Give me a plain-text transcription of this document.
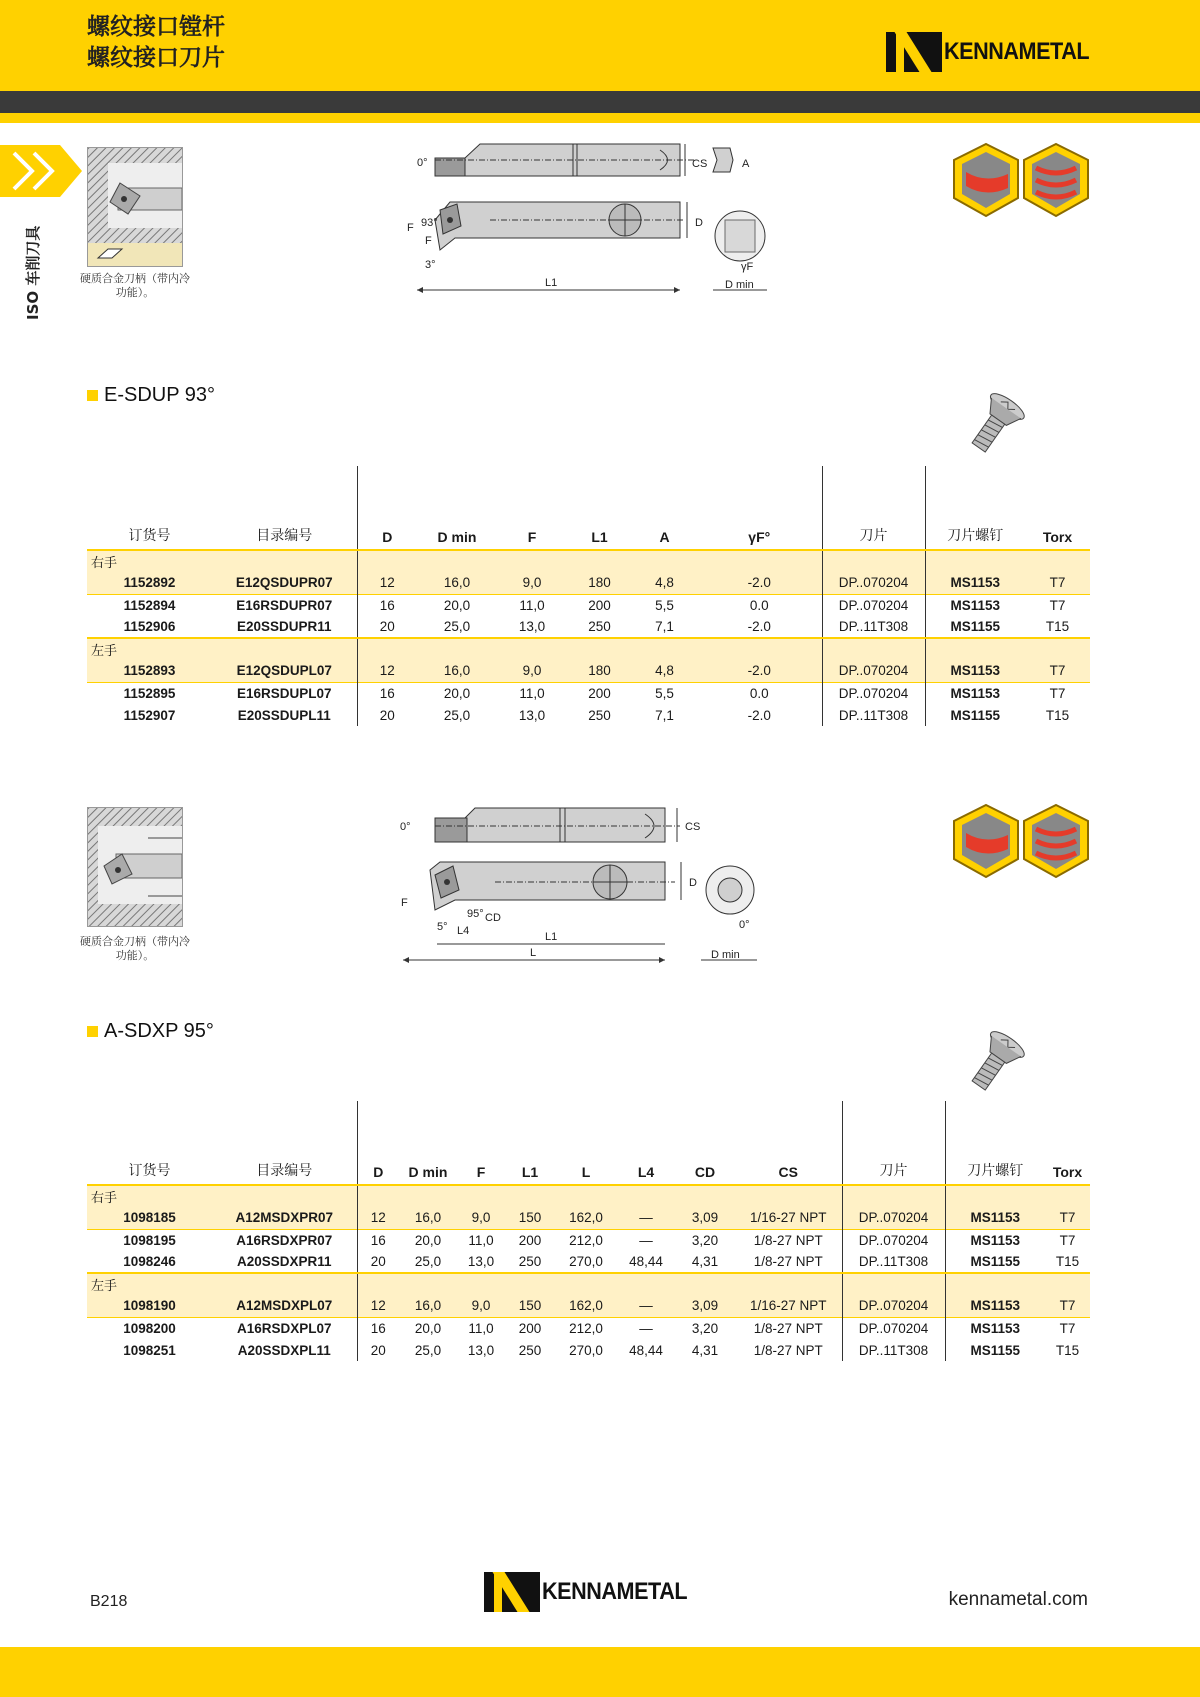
螺纹接口镗杆
螺纹接口刀片	KENNAMETAL
ISO 车削刀具	硬质合金刀柄（带内冷功能）。
0°	CS	A
F
F 93°
3°
D
L1
γF
D min
E-SDUP 93°
订货号	目录编号	D	D min	F	L1	A	γF°	刀片	刀片螺钉	Torx
右手										
1152892	E12QSDUPR07	12	16,0	9,0	180	4,8	-2.0	DP..070204	MS1153	T7
1152894	E16RSDUPR07	16	20,0	11,0	200	5,5	0.0	DP..070204	MS1153	T7
1152906	E20SSDUPR11	20	25,0	13,0	250	7,1	-2.0	DP..11T308	MS1155	T15
左手										
1152893	E12QSDUPL07	12	16,0	9,0	180	4,8	-2.0	DP..070204	MS1153	T7
1152895	E16RSDUPL07	16	20,0	11,0	200	5,5	0.0	DP..070204	MS1153	T7
1152907	E20SSDUPL11	20	25,0	13,0	250	7,1	-2.0	DP..11T308	MS1155	T15
硬质合金刀柄（带内冷功能）。
0°	CS
F
95° CD
5° L4
D
L1
L
0°
D min
A-SDXP 95°
订货号	目录编号	D	D min	F	L1	L	L4	CD	CS	刀片	刀片螺钉	Torx
右手												
1098185	A12MSDXPR07	12	16,0	9,0	150	162,0	—	3,09	1/16-27 NPT	DP..070204	MS1153	T7
1098195	A16RSDXPR07	16	20,0	11,0	200	212,0	—	3,20	1/8-27 NPT	DP..070204	MS1153	T7
1098246	A20SSDXPR11	20	25,0	13,0	250	270,0	48,44	4,31	1/8-27 NPT	DP..11T308	MS1155	T15
左手												
1098190	A12MSDXPL07	12	16,0	9,0	150	162,0	—	3,09	1/16-27 NPT	DP..070204	MS1153	T7
1098200	A16RSDXPL07	16	20,0	11,0	200	212,0	—	3,20	1/8-27 NPT	DP..070204	MS1153	T7
1098251	A20SSDXPL11	20	25,0	13,0	250	270,0	48,44	4,31	1/8-27 NPT	DP..11T308	MS1155	T15
B218	KENNAMETAL	kennametal.com
